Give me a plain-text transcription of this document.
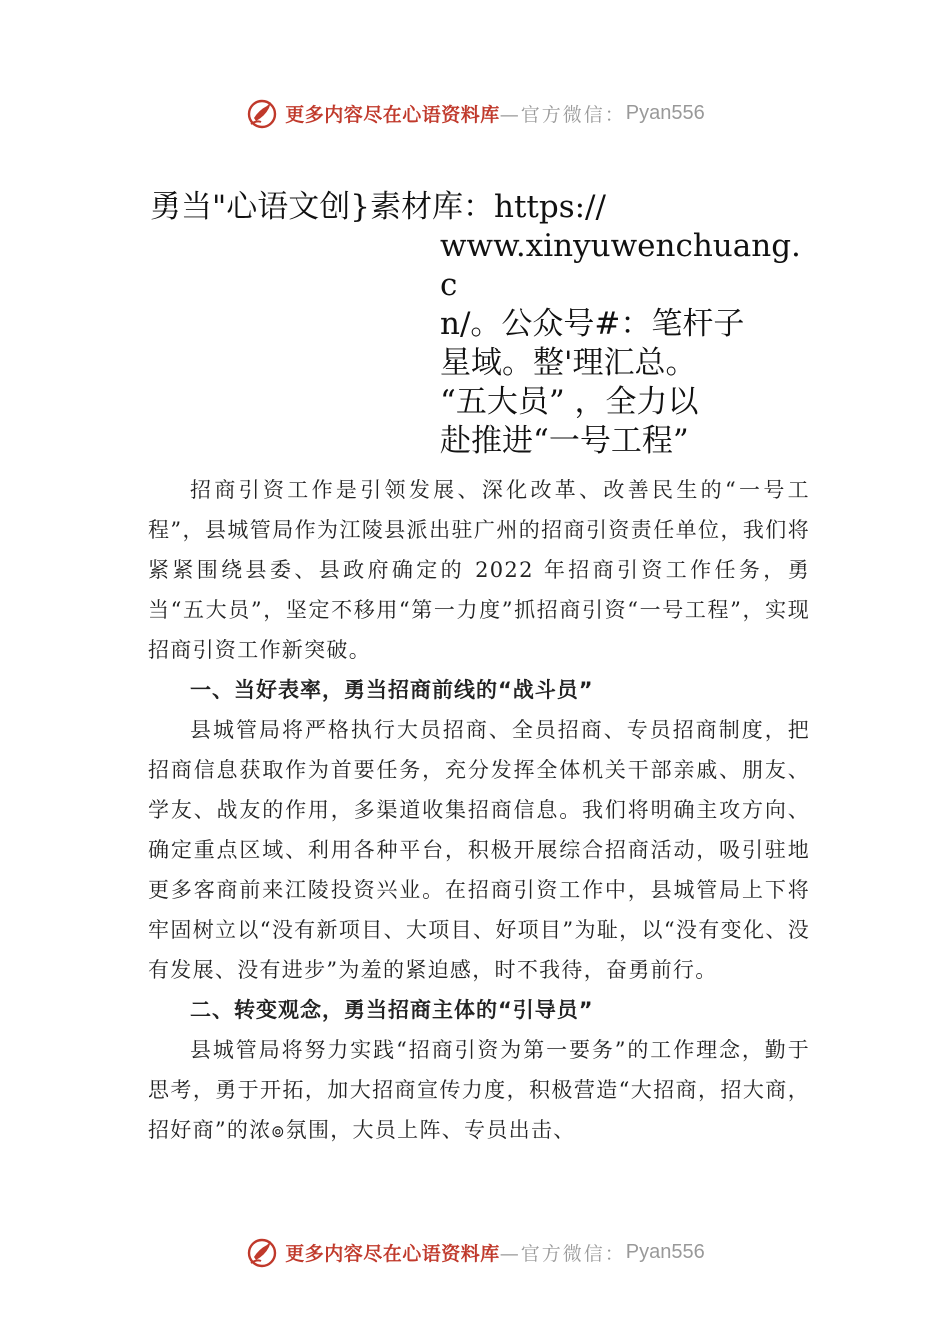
更多内容尽在心语资料库 —官方微信： Pyan556
勇当"心语文创}素材库：https://
www.xinyuwenchuang.c
n/。公众号#：笔杆子
星域。整'理汇总。
“五大员” ，全力以
赴推进“一号工程”

招商引资工作是引领发展、深化改革、改善民生的“一号工程”，县城管局作为江陵县派出驻广州的招商引资责任单位，我们将紧紧围绕县委、县政府确定的 2022 年招商引资工作任务，勇当“五大员”，坚定不移用“第一力度”抓招商引资“一号工程”，实现招商引资工作新突破。

一、当好表率，勇当招商前线的“战斗员”

县城管局将严格执行大员招商、全员招商、专员招商制度，把招商信息获取作为首要任务，充分发挥全体机关干部亲戚、朋友、学友、战友的作用，多渠道收集招商信息。我们将明确主攻方向、确定重点区域、利用各种平台，积极开展综合招商活动，吸引驻地更多客商前来江陵投资兴业。在招商引资工作中，县城管局上下将牢固树立以“没有新项目、大项目、好项目”为耻，以“没有变化、没有发展、没有进步”为羞的紧迫感，时不我待，奋勇前行。

二、转变观念，勇当招商主体的“引导员”

县城管局将努力实践“招商引资为第一要务”的工作理念，勤于思考，勇于开拓，加大招商宣传力度，积极营造“大招商，招大商，招好商”的浓๏氛围，大员上阵、专员出击、

更多内容尽在心语资料库 —官方微信： Pyan556
